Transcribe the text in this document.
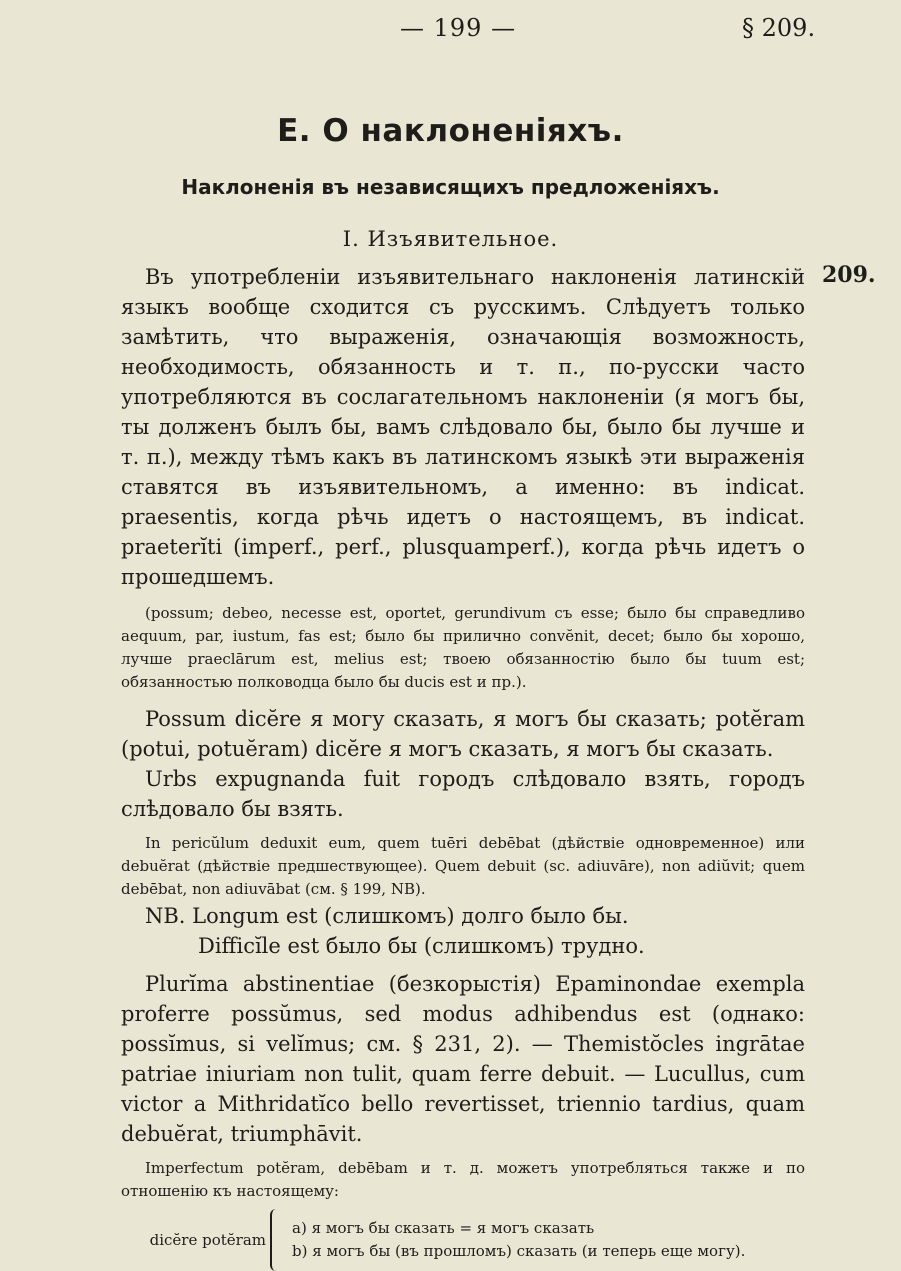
— 199 —	§ 209.
E. О наклоненіяхъ.
Наклоненія въ независящихъ предложеніяхъ.
I. Изъявительное.
209.

Въ употребленіи изъявительнаго наклоненія латинскій языкъ вообще сходится съ русскимъ. Слѣдуетъ только замѣтить, что выраженія, означающія возможность, необходимость, обязанность и т. п., по-русски часто употребляются въ сослагательномъ наклоненіи (я могъ бы, ты долженъ былъ бы, вамъ слѣдовало бы, было бы лучше и т. п.), между тѣмъ какъ въ латинскомъ языкѣ эти выраженія ставятся въ изъявительномъ, а именно: въ indicat. praesentis, когда рѣчь идетъ о настоящемъ, въ indicat. praeterĭti (imperf., perf., plusquamperf.), когда рѣчь идетъ о прошедшемъ.

(possum; debeo, necesse est, oportet, gerundivum съ esse; было бы справедливо aequum, par, iustum, fas est; было бы прилично convĕnit, decet; было бы хорошо, лучше praeclārum est, melius est; твоею обязанностію было бы tuum est; обязанностью полководца было бы ducis est и пр.).

Possum dicĕre я могу сказать, я могъ бы сказать; potĕram (potui, potuĕram) dicĕre я могъ сказать, я могъ бы сказать.

Urbs expugnanda fuit городъ слѣдовало взять, городъ слѣдовало бы взять.

In pericŭlum deduxit eum, quem tuēri debēbat (дѣйствіе одновременное) или debuĕrat (дѣйствіе предшествующее). Quem debuit (sc. adiuvāre), non adiŭvit; quem debēbat, non adiuvābat (см. § 199, NB).

NB. Longum est (слишкомъ) долго было бы.

Difficĭle est было бы (слишкомъ) трудно.

Plurĭma abstinentiae (безкорыстія) Epaminondae exempla proferre possŭmus, sed modus adhibendus est (однако: possĭmus, si velĭmus; см. § 231, 2). — Themistŏcles ingrātae patriae iniuriam non tulit, quam ferre debuit. — Lucullus, cum victor a Mithridatĭco bello revertisset, triennio tardius, quam debuĕrat, triumphāvit.

Imperfectum potĕram, debēbam и т. д. можетъ употребляться также и по отношенію къ настоящему:

dicĕre potĕram
a) я могъ бы сказать = я могъ сказать
b) я могъ бы (въ прошломъ) сказать (и теперь еще могу).
